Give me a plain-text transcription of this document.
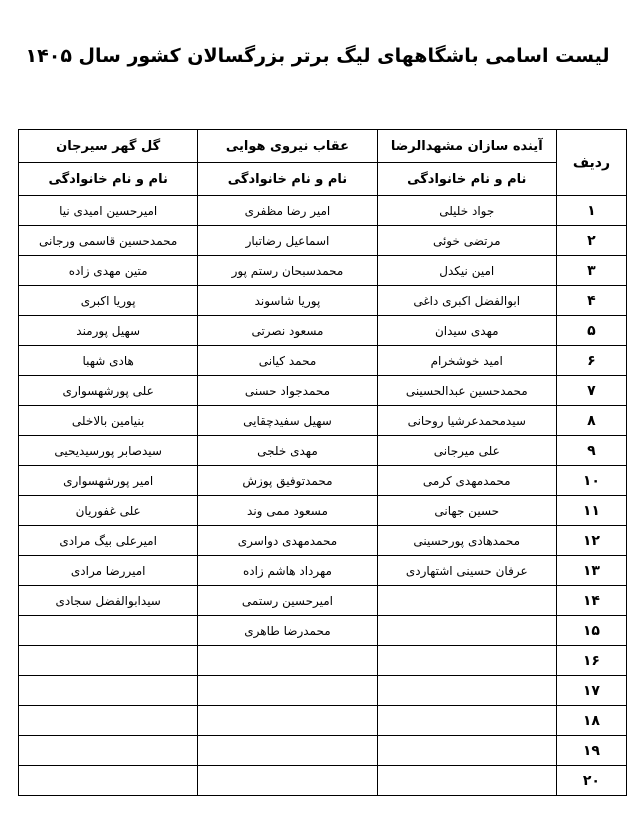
لیست اسامی باشگاههای لیگ برتر بزرگسالان کشور سال ۱۴۰۵
ردیف	آینده سازان مشهدالرضا	عقاب نیروی هوایی	گل گهر سیرجان
	نام و نام خانوادگی	نام و نام خانوادگی	نام و نام خانوادگی
۱	جواد خلیلی	امیر رضا مظفری	امیرحسین امیدی نیا
۲	مرتضی خوئی	اسماعیل رضاتبار	محمدحسین قاسمی ورجانی
۳	امین نیکدل	محمدسبحان رستم پور	متین مهدی زاده
۴	ابوالفضل اکبری داغی	پوریا شاسوند	پوریا اکبری
۵	مهدی سیدان	مسعود نصرتی	سهیل پورمند
۶	امید خوشخرام	محمد کیانی	هادی شهبا
۷	محمدحسین عبدالحسینی	محمدجواد حسنی	علی پورشهسواری
۸	سیدمحمدعرشیا روحانی	سهیل سفیدچقایی	بنیامین بالاخلی
۹	علی میرجانی	مهدی خلجی	سیدصابر پورسیدیحیی
۱۰	محمدمهدی کرمی	محمدتوفیق پوزش	امیر پورشهسواری
۱۱	حسین جهانی	مسعود ممی وند	علی غفوریان
۱۲	محمدهادی پورحسینی	محمدمهدی دواسری	امیرعلی بیگ مرادی
۱۳	عرفان حسینی اشتهاردی	مهرداد هاشم زاده	امیررضا مرادی
۱۴		امیرحسین رستمی	سیدابوالفضل سجادی
۱۵		محمدرضا طاهری	
۱۶			
۱۷			
۱۸			
۱۹			
۲۰			
